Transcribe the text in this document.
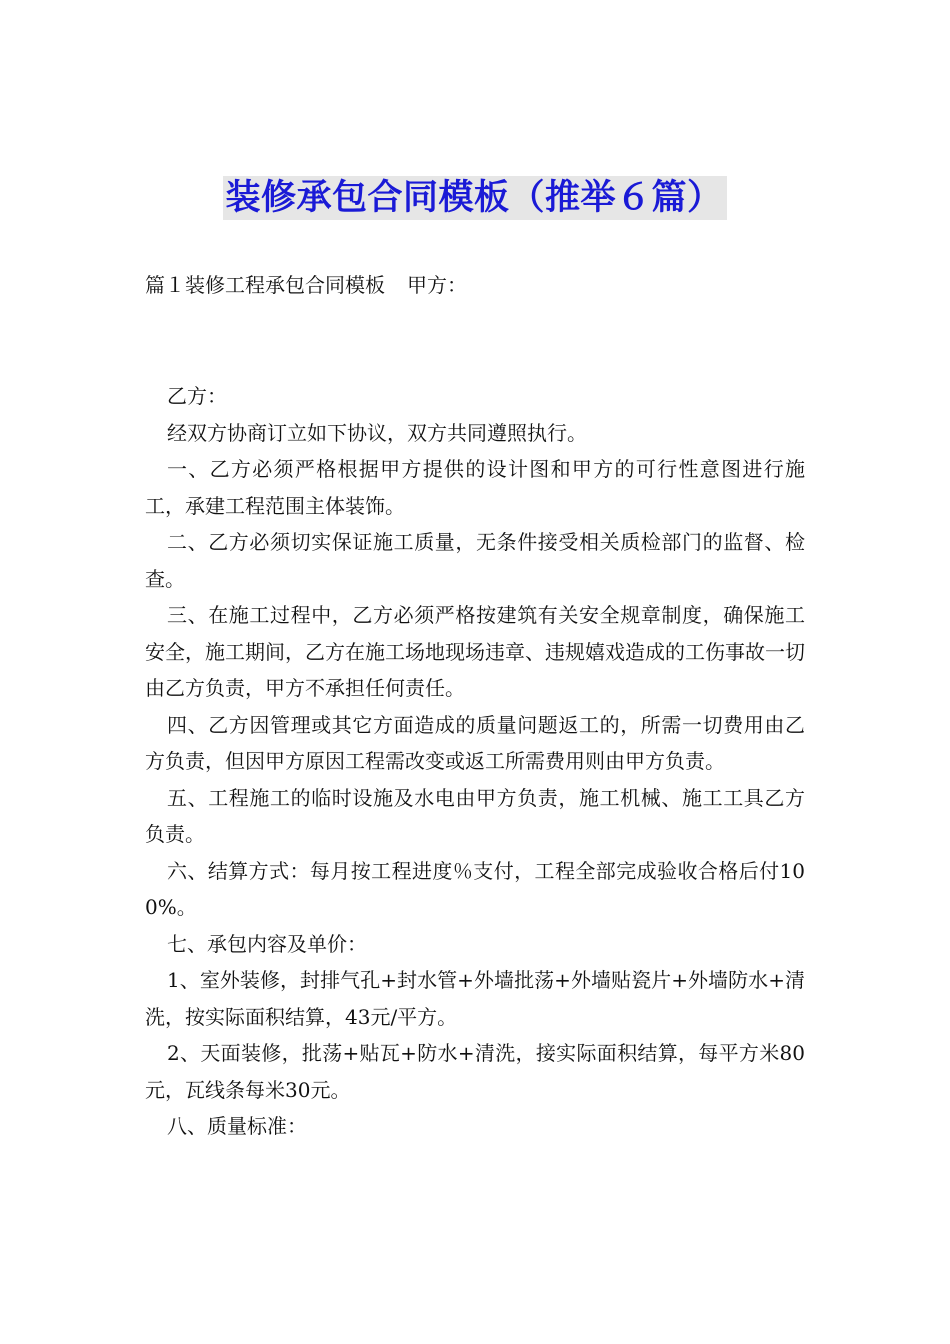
装修承包合同模板（推举６篇）
篇１装修工程承包合同模板 甲方：

乙方：

经双方协商订立如下协议，双方共同遵照执行。

一、乙方必须严格根据甲方提供的设计图和甲方的可行性意图进行施工，承建工程范围主体装饰。

二、乙方必须切实保证施工质量，无条件接受相关质检部门的监督、检查。

三、在施工过程中，乙方必须严格按建筑有关安全规章制度，确保施工安全，施工期间，乙方在施工场地现场违章、违规嬉戏造成的工伤事故一切由乙方负责，甲方不承担任何责任。

四、乙方因管理或其它方面造成的质量问题返工的，所需一切费用由乙方负责，但因甲方原因工程需改变或返工所需费用则由甲方负责。

五、工程施工的临时设施及水电由甲方负责，施工机械、施工工具乙方负责。

六、结算方式：每月按工程进度％支付，工程全部完成验收合格后付100%。

七、承包内容及单价：

1、室外装修，封排气孔+封水管+外墙批荡+外墙贴瓷片+外墙防水+清洗，按实际面积结算，43元/平方。

2、天面装修，批荡+贴瓦+防水+清洗，接实际面积结算，每平方米80元，瓦线条每米30元。

八、质量标准：
